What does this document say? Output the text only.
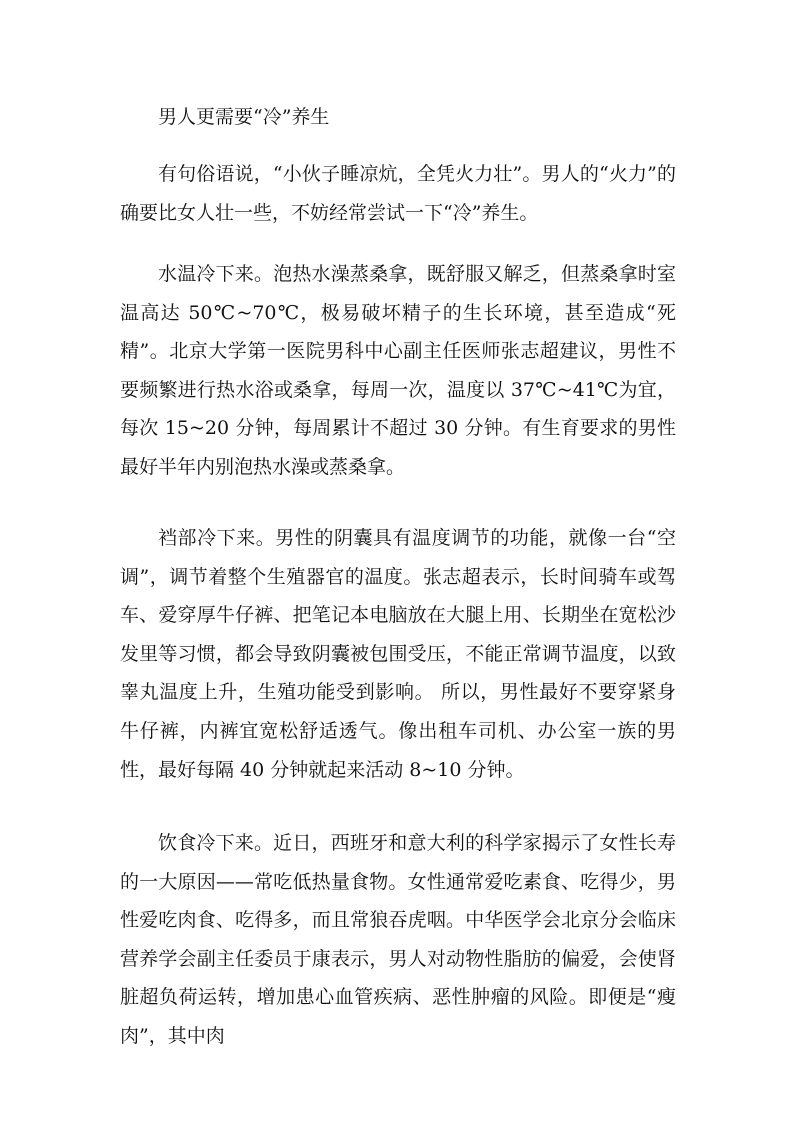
男人更需要“冷”养生

有句俗语说，“小伙子睡凉炕，全凭火力壮”。男人的“火力”的确要比女人壮一些，不妨经常尝试一下“冷”养生。

水温冷下来。泡热水澡蒸桑拿，既舒服又解乏，但蒸桑拿时室温高达 50℃~70℃，极易破坏精子的生长环境，甚至造成“死精”。北京大学第一医院男科中心副主任医师张志超建议，男性不要频繁进行热水浴或桑拿，每周一次，温度以 37℃~41℃为宜，每次 15~20 分钟，每周累计不超过 30 分钟。有生育要求的男性最好半年内别泡热水澡或蒸桑拿。

裆部冷下来。男性的阴囊具有温度调节的功能，就像一台“空调”，调节着整个生殖器官的温度。张志超表示，长时间骑车或驾车、爱穿厚牛仔裤、把笔记本电脑放在大腿上用、长期坐在宽松沙发里等习惯，都会导致阴囊被包围受压，不能正常调节温度，以致睾丸温度上升，生殖功能受到影响。 所以，男性最好不要穿紧身牛仔裤，内裤宜宽松舒适透气。像出租车司机、办公室一族的男性，最好每隔 40 分钟就起来活动 8~10 分钟。

饮食冷下来。近日，西班牙和意大利的科学家揭示了女性长寿的一大原因——常吃低热量食物。女性通常爱吃素食、吃得少，男性爱吃肉食、吃得多，而且常狼吞虎咽。中华医学会北京分会临床营养学会副主任委员于康表示，男人对动物性脂肪的偏爱，会使肾脏超负荷运转，增加患心血管疾病、恶性肿瘤的风险。即便是“瘦肉”，其中肉
